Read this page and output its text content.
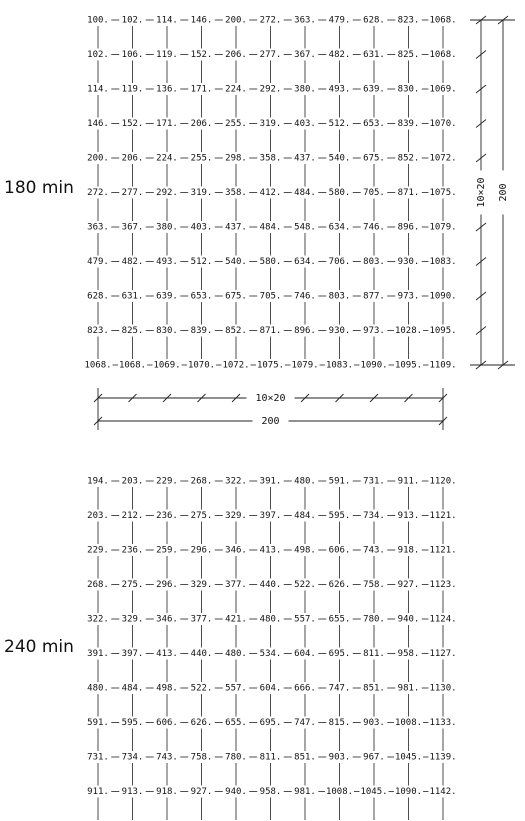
180 min
240 min
100. 102. 114. 146. 200. 272. 363. 479. 628. 823. 1068.
102. 106. 119. 152. 206. 277. 367. 482. 631. 825. 1068.
114. 119. 136. 171. 224. 292. 380. 493. 639. 830. 1069.
146. 152. 171. 206. 255. 319. 403. 512. 653. 839. 1070.
200. 206. 224. 255. 298. 358. 437. 540. 675. 852. 1072.
272. 277. 292. 319. 358. 412. 484. 580. 705. 871. 1075.
363. 367. 380. 403. 437. 484. 548. 634. 746. 896. 1079.
479. 482. 493. 512. 540. 580. 634. 706. 803. 930. 1083.
628. 631. 639. 653. 675. 705. 746. 803. 877. 973. 1090.
823. 825. 830. 839. 852. 871. 896. 930. 973. 1028. 1095.
1068. 1068. 1069. 1070. 1072. 1075. 1079. 1083. 1090. 1095. 1109.
194. 203. 229. 268. 322. 391. 480. 591. 731. 911. 1120.
203. 212. 236. 275. 329. 397. 484. 595. 734. 913. 1121.
229. 236. 259. 296. 346. 413. 498. 606. 743. 918. 1121.
268. 275. 296. 329. 377. 440. 522. 626. 758. 927. 1123.
322. 329. 346. 377. 421. 480. 557. 655. 780. 940. 1124.
391. 397. 413. 440. 480. 534. 604. 695. 811. 958. 1127.
480. 484. 498. 522. 557. 604. 666. 747. 851. 981. 1130.
591. 595. 606. 626. 655. 695. 747. 815. 903. 1008. 1133.
731. 734. 743. 758. 780. 811. 851. 903. 967. 1045. 1139.
911. 913. 918. 927. 940. 958. 981. 1008. 1045. 1090. 1142.
10×20 200
10×20
200
